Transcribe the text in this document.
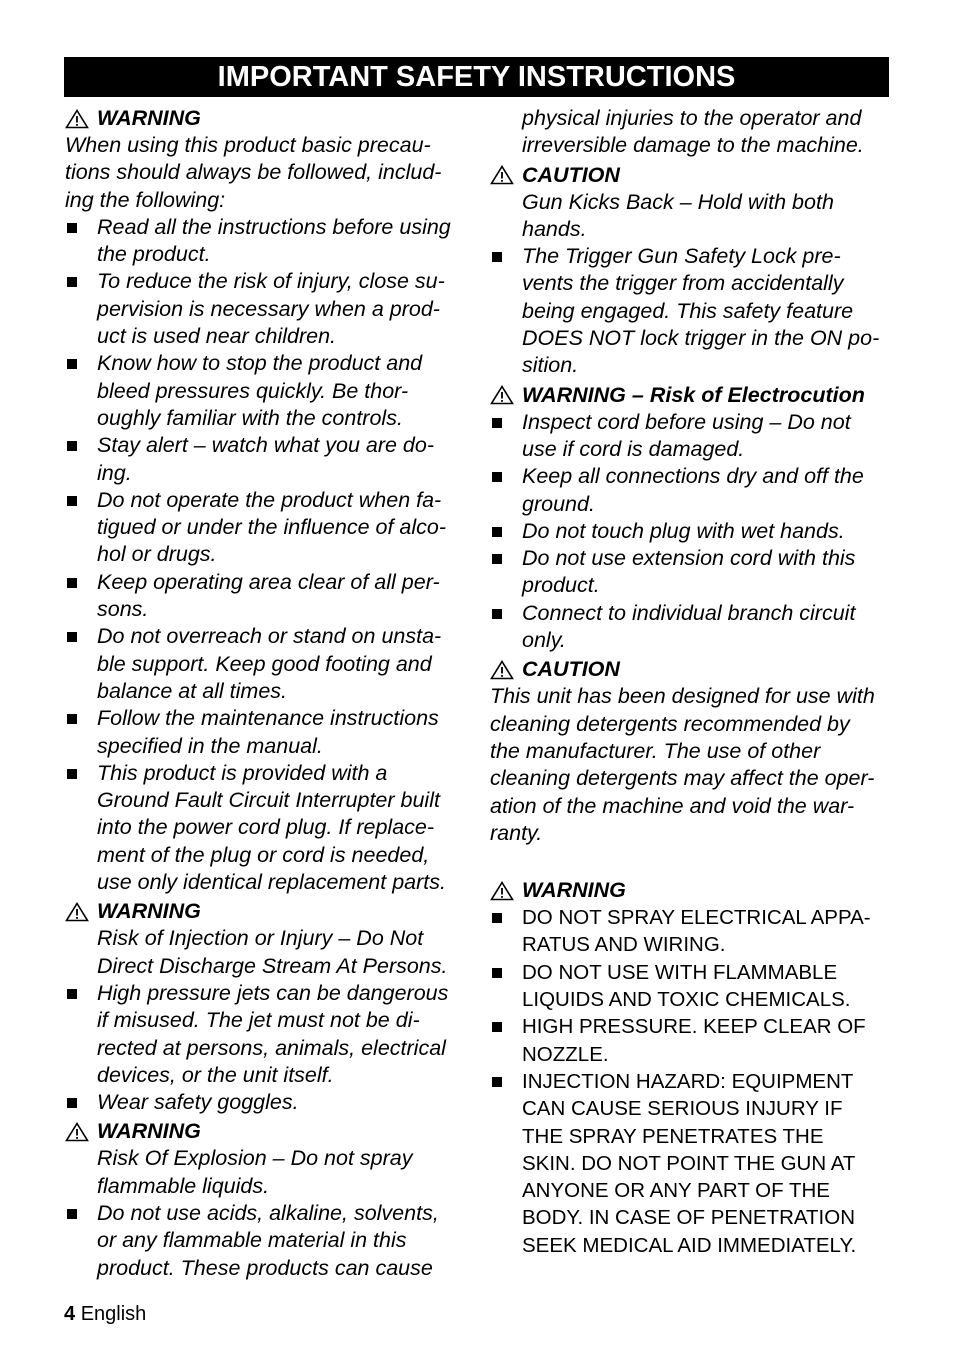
IMPORTANT SAFETY INSTRUCTIONS
WARNING
When using this product basic precau-
tions should always be followed, includ-
ing the following:
Read all the instructions before using
the product.
To reduce the risk of injury, close su-
pervision is necessary when a prod-
uct is used near children.
Know how to stop the product and
bleed pressures quickly. Be thor-
oughly familiar with the controls.
Stay alert – watch what you are do-
ing.
Do not operate the product when fa-
tigued or under the influence of alco-
hol or drugs.
Keep operating area clear of all per-
sons.
Do not overreach or stand on unsta-
ble support. Keep good footing and
balance at all times.
Follow the maintenance instructions
specified in the manual.
This product is provided with a
Ground Fault Circuit Interrupter built
into the power cord plug. If replace-
ment of the plug or cord is needed,
use only identical replacement parts.
WARNING
Risk of Injection or Injury – Do Not
Direct Discharge Stream At Persons.
High pressure jets can be dangerous
if misused. The jet must not be di-
rected at persons, animals, electrical
devices, or the unit itself.
Wear safety goggles.
WARNING
Risk Of Explosion – Do not spray
flammable liquids.
Do not use acids, alkaline, solvents,
or any flammable material in this
product. These products can cause
physical injuries to the operator and
irreversible damage to the machine.
CAUTION
Gun Kicks Back – Hold with both
hands.
The Trigger Gun Safety Lock pre-
vents the trigger from accidentally
being engaged. This safety feature
DOES NOT lock trigger in the ON po-
sition.
WARNING – Risk of Electrocution
Inspect cord before using – Do not
use if cord is damaged.
Keep all connections dry and off the
ground.
Do not touch plug with wet hands.
Do not use extension cord with this
product.
Connect to individual branch circuit
only.
CAUTION
This unit has been designed for use with
cleaning detergents recommended by
the manufacturer. The use of other
cleaning detergents may affect the oper-
ation of the machine and void the war-
ranty.
WARNING
DO NOT SPRAY ELECTRICAL APPA-
RATUS AND WIRING.
DO NOT USE WITH FLAMMABLE
LIQUIDS AND TOXIC CHEMICALS.
HIGH PRESSURE. KEEP CLEAR OF
NOZZLE.
INJECTION HAZARD: EQUIPMENT
CAN CAUSE SERIOUS INJURY IF
THE SPRAY PENETRATES THE
SKIN. DO NOT POINT THE GUN AT
ANYONE OR ANY PART OF THE
BODY. IN CASE OF PENETRATION
SEEK MEDICAL AID IMMEDIATELY.
4 English
